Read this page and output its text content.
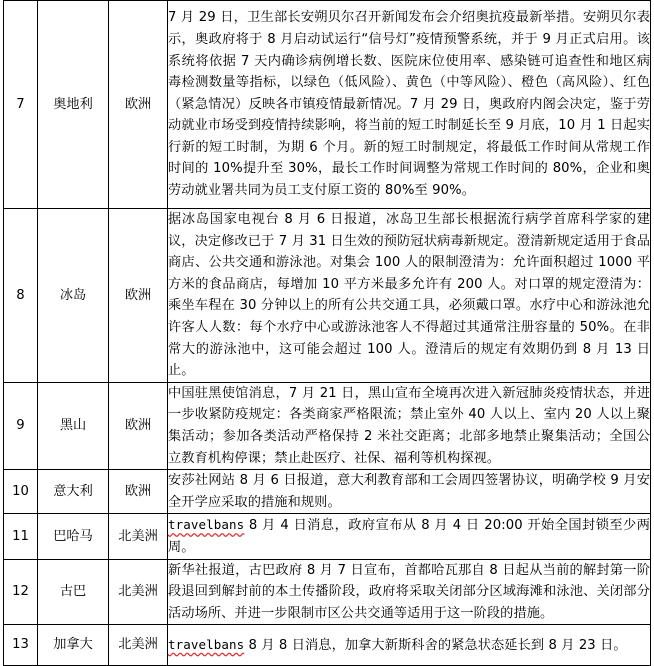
7	奥地利	欧洲	7 月 29 日，卫生部长安朔贝尔召开新闻发布会介绍奥抗疫最新举措。安朔贝尔表示，奥政府将于 8 月启动试运行“信号灯”疫情预警系统，并于 9 月正式启用。该系统将依据 7 天内确诊病例增长数、医院床位使用率、感染链可追查性和地区病毒检测数量等指标，以绿色（低风险）、黄色（中等风险）、橙色（高风险）、红色（紧急情况）反映各市镇疫情最新情况。7 月 29 日，奥政府内阁会决定，鉴于劳动就业市场受到疫情持续影响，将当前的短工时制延长至 9 月底，10 月 1 日起实行新的短工时制，为期 6 个月。新的短工时制规定，将最低工作时间从常规工作时间的 10%提升至 30%，最长工作时间调整为常规工作时间的 80%，企业和奥劳动就业署共同为员工支付原工资的 80%至 90%。
8	冰岛	欧洲	据冰岛国家电视台 8 月 6 日报道，冰岛卫生部长根据流行病学首席科学家的建议，决定修改已于 7 月 31 日生效的预防冠状病毒新规定。澄清新规定适用于食品商店、公共交通和游泳池。对集会 100 人的限制澄清为：允许面积超过 1000 平方米的食品商店，每增加 10 平方米最多允许有 200 人。对口罩的规定澄清为：乘坐车程在 30 分钟以上的所有公共交通工具，必须戴口罩。水疗中心和游泳池允许客人人数：每个水疗中心或游泳池客人不得超过其通常注册容量的 50%。在非常大的游泳池中，这可能会超过 100 人。澄清后的规定有效期仍到 8 月 13 日止。
9	黑山	欧洲	中国驻黑使馆消息，7 月 21 日，黑山宣布全境再次进入新冠肺炎疫情状态，并进一步收紧防疫规定：各类商家严格限流；禁止室外 40 人以上、室内 20 人以上聚集活动；参加各类活动严格保持 2 米社交距离；北部多地禁止聚集活动；全国公立教育机构停课；禁止赴医疗、社保、福利等机构探视。
10	意大利	欧洲	安莎社网站 8 月 6 日报道，意大利教育部和工会周四签署协议，明确学校 9 月安全开学应采取的措施和规则。
11	巴哈马	北美洲	travelbans 8 月 4 日消息，政府宣布从 8 月 4 日 20:00 开始全国封锁至少两周。
12	古巴	北美洲	新华社报道，古巴政府 8 月 7 日宣布，首都哈瓦那自 8 日起从当前的解封第一阶段退回到解封前的本土传播阶段，政府将采取关闭部分区域海滩和泳池、关闭部分活动场所、并进一步限制市区公共交通等适用于这一阶段的措施。
13	加拿大	北美洲	travelbans 8 月 8 日消息，加拿大新斯科舍的紧急状态延长到 8 月 23 日。
